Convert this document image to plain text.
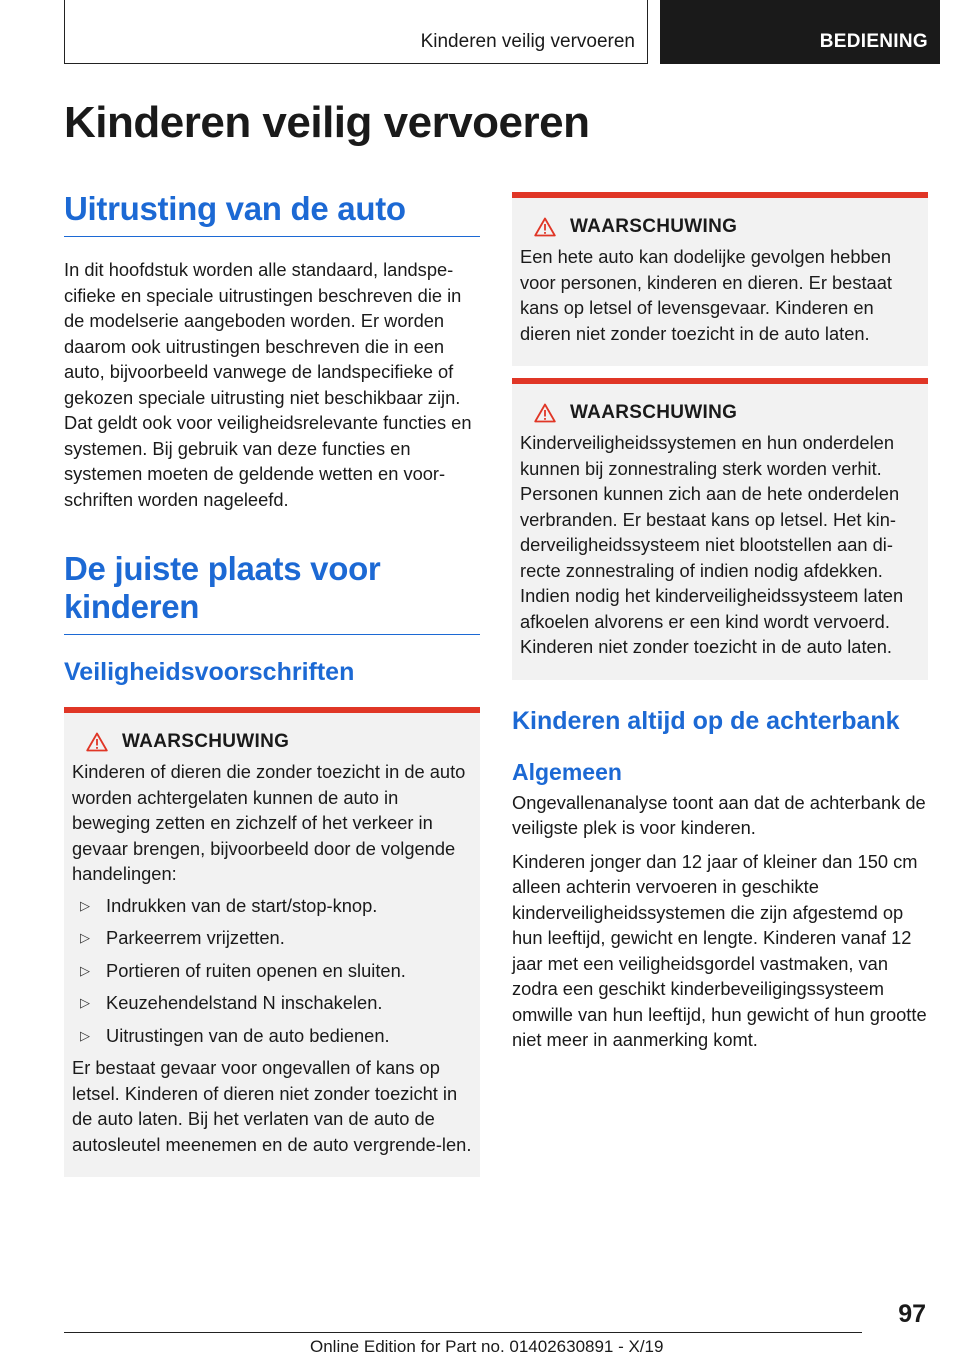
Kinderen veilig vervoeren	BEDIENING
Kinderen veilig vervoeren
Uitrusting van de auto

In dit hoofdstuk worden alle standaard, landspe-cifieke en speciale uitrustingen beschreven die in de modelserie aangeboden worden. Er worden daarom ook uitrustingen beschreven die in een auto, bijvoorbeeld vanwege de landspecifieke of gekozen speciale uitrusting niet beschikbaar zijn. Dat geldt ook voor veiligheidsrelevante functies en systemen. Bij gebruik van deze functies en systemen moeten de geldende wetten en voor-schriften worden nageleefd.

De juiste plaats voor kinderen
Veiligheidsvoorschriften
WAARSCHUWING

Kinderen of dieren die zonder toezicht in de auto worden achtergelaten kunnen de auto in beweging zetten en zichzelf of het verkeer in gevaar brengen, bijvoorbeeld door de volgende handelingen:

▷ Indrukken van de start/stop-knop.
▷ Parkeerrem vrijzetten.
▷ Portieren of ruiten openen en sluiten.
▷ Keuzehendelstand N inschakelen.
▷ Uitrustingen van de auto bedienen.

Er bestaat gevaar voor ongevallen of kans op letsel. Kinderen of dieren niet zonder toezicht in de auto laten. Bij het verlaten van de auto de autosleutel meenemen en de auto vergrende-len.

WAARSCHUWING

Een hete auto kan dodelijke gevolgen hebben voor personen, kinderen en dieren. Er bestaat kans op letsel of levensgevaar. Kinderen en dieren niet zonder toezicht in de auto laten.

WAARSCHUWING

Kinderveiligheidssystemen en hun onderdelen kunnen bij zonnestraling sterk worden verhit. Personen kunnen zich aan de hete onderdelen verbranden. Er bestaat kans op letsel. Het kin-derveiligheidssysteem niet blootstellen aan di-recte zonnestraling of indien nodig afdekken. Indien nodig het kinderveiligheidssysteem laten afkoelen alvorens er een kind wordt vervoerd. Kinderen niet zonder toezicht in de auto laten.

Kinderen altijd op de achterbank
Algemeen

Ongevallenanalyse toont aan dat de achterbank de veiligste plek is voor kinderen.

Kinderen jonger dan 12 jaar of kleiner dan 150 cm alleen achterin vervoeren in geschikte kinderveiligheidssystemen die zijn afgestemd op hun leeftijd, gewicht en lengte. Kinderen vanaf 12 jaar met een veiligheidsgordel vastmaken, van zodra een geschikt kinderbeveiligingssysteem omwille van hun leeftijd, hun gewicht of hun grootte niet meer in aanmerking komt.

97
Online Edition for Part no. 01402630891 - X/19
